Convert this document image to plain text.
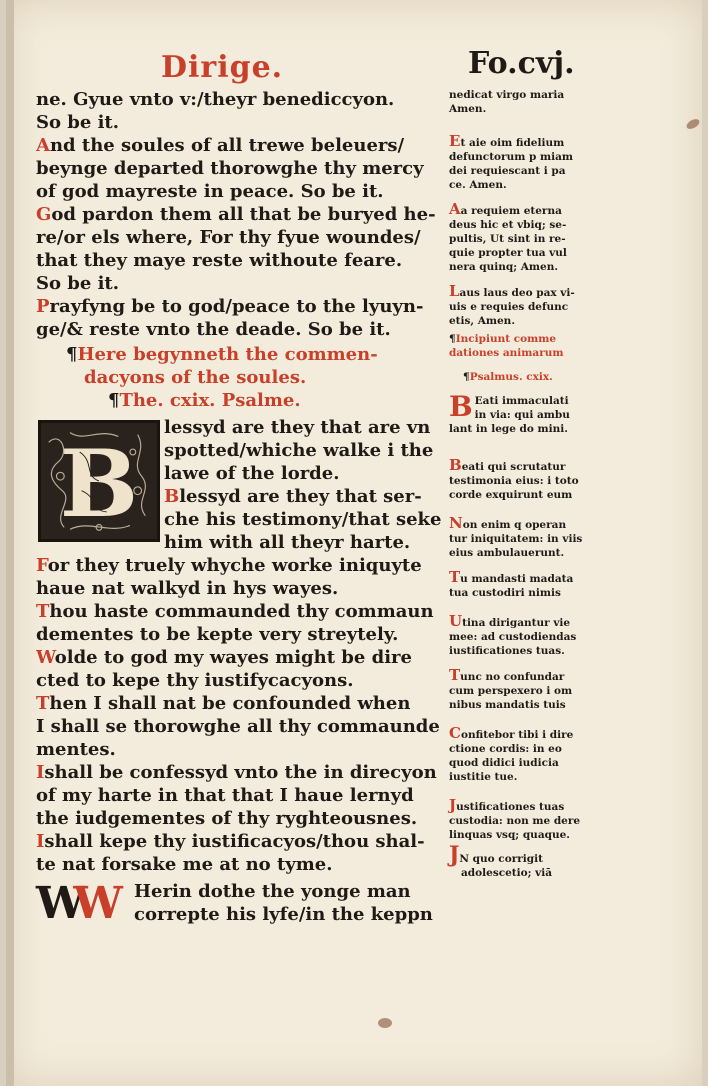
Dirige.	Fo.cvj.

ne. Gyue vnto v:/theyr benediccyon.
So be it.

And the soules of all trewe beleuers/
beynge departed thorowghe thy mercy
of god mayreste in peace. So be it.

God pardon them all that be buryed he-
re/or els where, For thy fyue woundes/
that they maye reste withoute feare.
So be it.

Prayfyng be to god/peace to the lyuyn-
ge/& reste vnto the deade. So be it.

¶Here begynneth the commen-
dacyons of the soules.
¶The. cxix. Psalme.
B
lessyd are they that are vn
spotted/whiche walke i the
lawe of the lorde.
Blessyd are they that ser-
che his testimony/that seke
him with all theyr harte.

For they truely whyche worke iniquyte
haue nat walkyd in hys wayes.

Thou haste commaunded thy commaun
dementes to be kepte very streytely.

Wolde to god my wayes might be dire
cted to kepe thy iustifycacyons.

Then I shall nat be confounded when
I shall se thorowghe all thy commaunde
mentes.

Ishall be confessyd vnto the in direcyon
of my harte in that that I haue lernyd
the iudgementes of thy ryghteousnes.

Ishall kepe thy iustificacyos/thou shal-
te nat forsake me at no tyme.

WW Herin dothe the yonge man
correpte his lyfe/in the keppn
nedicat virgo maria
Amen.
Et aie oim fidelium
defunctorum p miam
dei requiescant i pa
ce. Amen.
Aa requiem eterna
deus hic et vbiq; se-
pultis, Ut sint in re-
quie propter tua vul
nera quinq; Amen.
Laus laus deo pax vi-
uis e requies defunc
etis, Amen.
¶Incipiunt comme
dationes animarum
¶Psalmus. cxix.
B Eati immaculati
in via: qui ambu
lant in lege do mini.
Beati qui scrutatur
testimonia eius: i toto
corde exquirunt eum
Non enim q operan
tur iniquitatem: in viis
eius ambulauerunt.
Tu mandasti madata
tua custodiri nimis
Utina dirigantur vie
mee: ad custodiendas
iustificationes tuas.
Tunc no confundar
cum perspexero i om
nibus mandatis tuis
Confitebor tibi i dire
ctione cordis: in eo
quod didici iudicia
iustitie tue.
Justificationes tuas
custodia: non me dere
linquas vsq; quaque.
JN quo corrigit
adolescetio; viā
